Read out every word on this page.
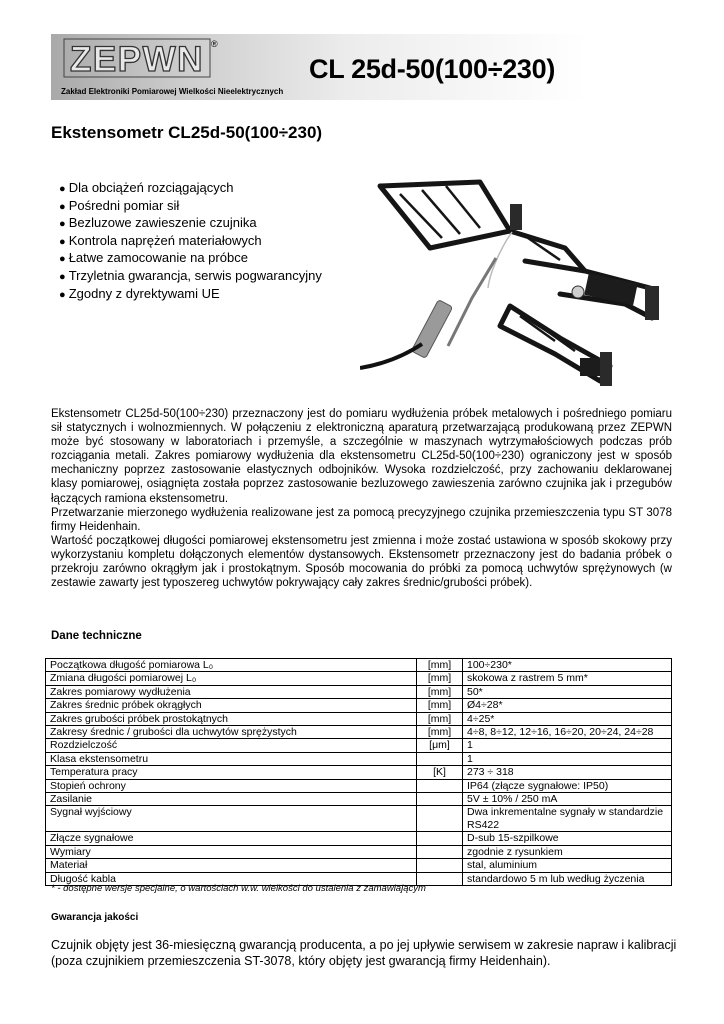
ZEPWN ®
Zakład Elektroniki Pomiarowej Wielkości Nieelektrycznych
CL 25d-50(100÷230)
Ekstensometr CL25d-50(100÷230)
● Dla obciążeń rozciągających
● Pośredni pomiar sił
● Bezluzowe zawieszenie czujnika
● Kontrola naprężeń materiałowych
● Łatwe zamocowanie na próbce
● Trzyletnia gwarancja, serwis pogwarancyjny
● Zgodny z dyrektywami UE

Ekstensometr CL25d-50(100÷230) przeznaczony jest do pomiaru wydłużenia próbek metalowych i pośredniego pomiaru sił statycznych i wolnozmiennych. W połączeniu z elektroniczną aparaturą przetwarzającą produkowaną przez ZEPWN może być stosowany w laboratoriach i przemyśle, a szczególnie w maszynach wytrzymałościowych podczas prób rozciągania metali. Zakres pomiarowy wydłużenia dla ekstensometru CL25d-50(100÷230) ograniczony jest w sposób mechaniczny poprzez zastosowanie elastycznych odbojników. Wysoka rozdzielczość, przy zachowaniu deklarowanej klasy pomiarowej, osiągnięta została poprzez zastosowanie bezluzowego zawieszenia zarówno czujnika jak i przegubów łączących ramiona ekstensometru.

Przetwarzanie mierzonego wydłużenia realizowane jest za pomocą precyzyjnego czujnika przemieszczenia typu ST 3078 firmy Heidenhain.

Wartość początkowej długości pomiarowej ekstensometru jest zmienna i może zostać ustawiona w sposób skokowy przy wykorzystaniu kompletu dołączonych elementów dystansowych. Ekstensometr przeznaczony jest do badania próbek o przekroju zarówno okrągłym jak i prostokątnym. Sposób mocowania do próbki za pomocą uchwytów sprężynowych (w zestawie zawarty jest typoszereg uchwytów pokrywający cały zakres średnic/grubości próbek).

Dane techniczne
Początkowa długość pomiarowa L₀	[mm]	100÷230*
Zmiana długości pomiarowej L₀	[mm]	skokowa z rastrem 5 mm*
Zakres pomiarowy wydłużenia	[mm]	50*
Zakres średnic próbek okrągłych	[mm]	Ø4÷28*
Zakres grubości próbek prostokątnych	[mm]	4÷25*
Zakresy średnic / grubości dla uchwytów sprężystych	[mm]	4÷8, 8÷12, 12÷16, 16÷20, 20÷24, 24÷28
Rozdzielczość	[μm]	1
Klasa ekstensometru		1
Temperatura pracy	[K]	273 ÷ 318
Stopień ochrony		IP64 (złącze sygnałowe: IP50)
Zasilanie		5V ± 10% / 250 mA
Sygnał wyjściowy		Dwa inkrementalne sygnały w standardzie RS422
Złącze sygnałowe		D-sub 15-szpilkowe
Wymiary		zgodnie z rysunkiem
Materiał		stal, aluminium
Długość kabla		standardowo 5 m lub według życzenia
* - dostępne wersje specjalne, o wartościach w.w. wielkości do ustalenia z zamawiającym
Gwarancja jakości

Czujnik objęty jest 36-miesięczną gwarancją producenta, a po jej upływie serwisem w zakresie napraw i kalibracji (poza czujnikiem przemieszczenia ST-3078, który objęty jest gwarancją firmy Heidenhain).
